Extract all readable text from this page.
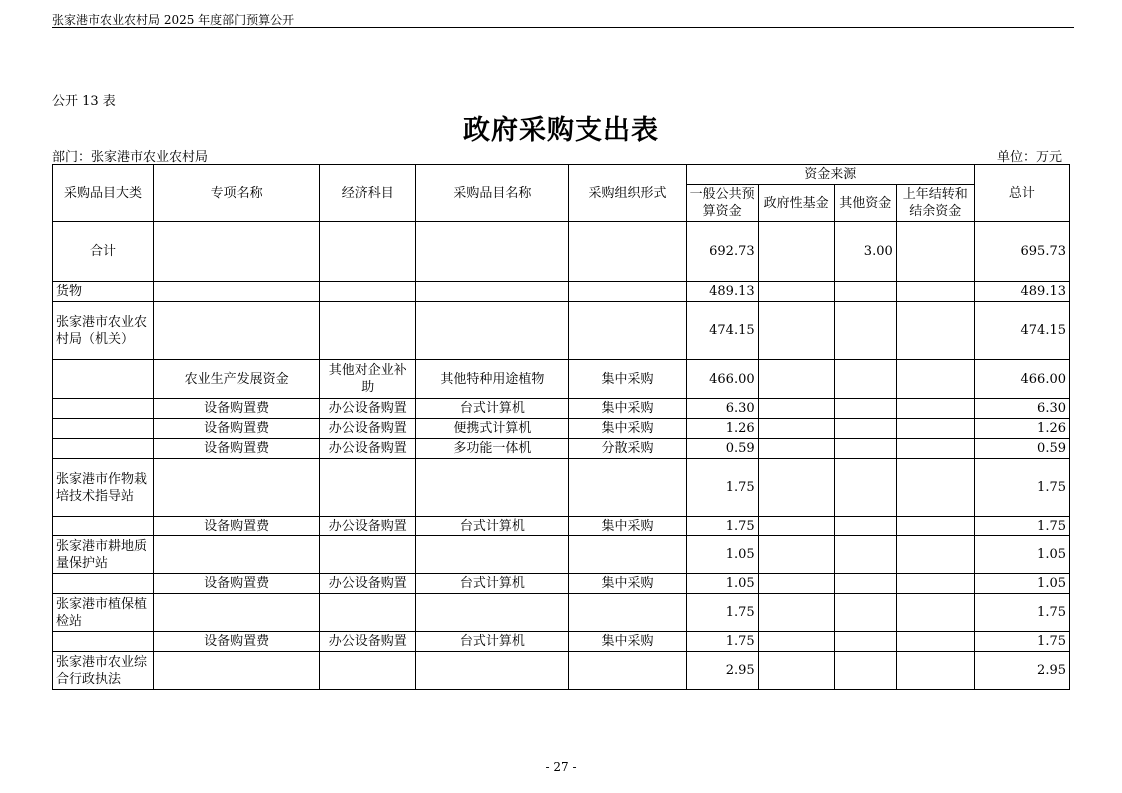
张家港市农业农村局 2025 年度部门预算公开
公开 13 表
政府采购支出表
部门：张家港市农业农村局	单位：万元
采购品目大类	专项名称	经济科目	采购品目名称	采购组织形式	资金来源				总计
					一般公共预算资金	政府性基金	其他资金	上年结转和结余资金	
合计					692.73		3.00		695.73
货物					489.13				489.13
张家港市农业农村局（机关）					474.15				474.15
	农业生产发展资金	其他对企业补助	其他特种用途植物	集中采购	466.00				466.00
	设备购置费	办公设备购置	台式计算机	集中采购	6.30				6.30
	设备购置费	办公设备购置	便携式计算机	集中采购	1.26				1.26
	设备购置费	办公设备购置	多功能一体机	分散采购	0.59				0.59
张家港市作物栽培技术指导站					1.75				1.75
	设备购置费	办公设备购置	台式计算机	集中采购	1.75				1.75
张家港市耕地质量保护站					1.05				1.05
	设备购置费	办公设备购置	台式计算机	集中采购	1.05				1.05
张家港市植保植检站					1.75				1.75
	设备购置费	办公设备购置	台式计算机	集中采购	1.75				1.75
张家港市农业综合行政执法					2.95				2.95
- 27 -
